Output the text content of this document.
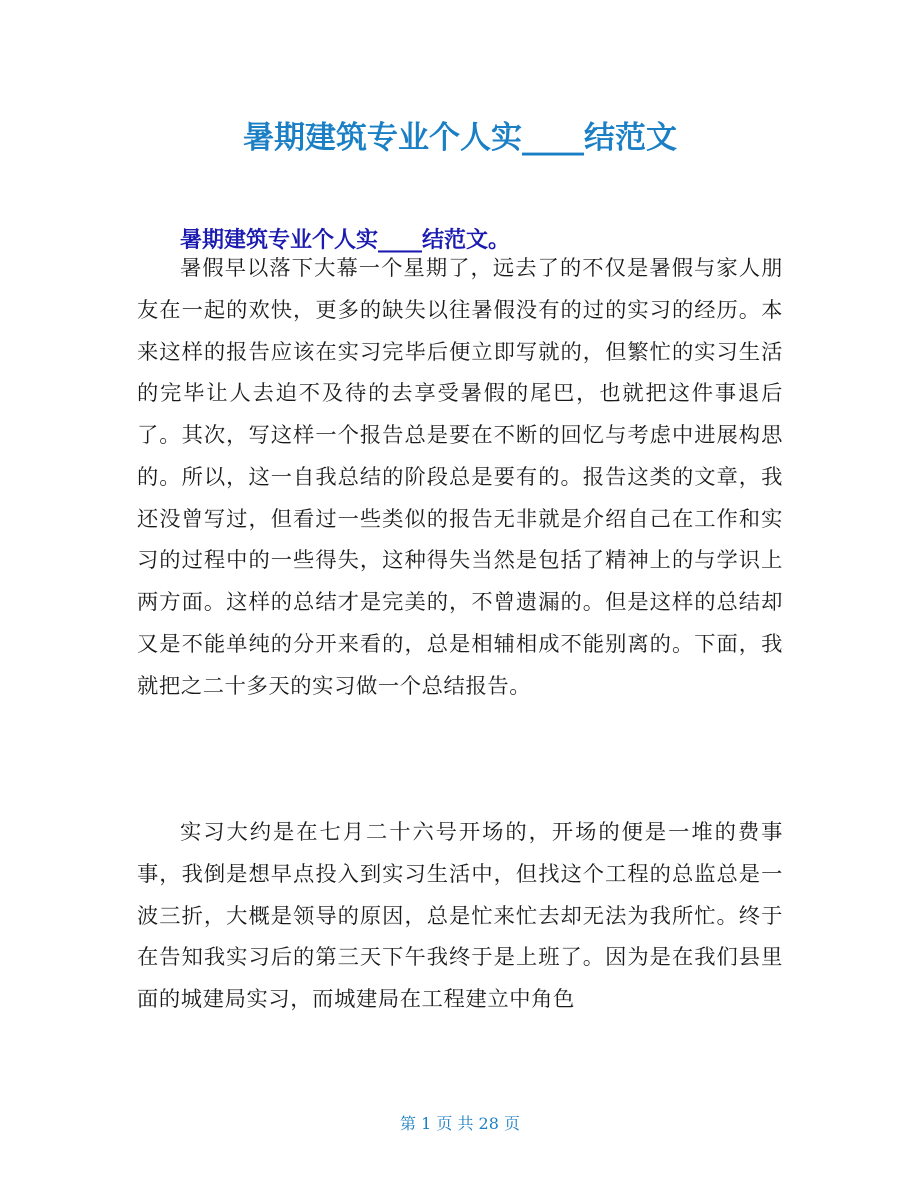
暑期建筑专业个人实____结范文
暑期建筑专业个人实____结范文。

暑假早以落下大幕一个星期了，远去了的不仅是暑假与家人朋友在一起的欢快，更多的缺失以往暑假没有的过的实习的经历。本来这样的报告应该在实习完毕后便立即写就的，但繁忙的实习生活的完毕让人去迫不及待的去享受暑假的尾巴，也就把这件事退后了。其次，写这样一个报告总是要在不断的回忆与考虑中进展构思的。所以，这一自我总结的阶段总是要有的。报告这类的文章，我还没曾写过，但看过一些类似的报告无非就是介绍自己在工作和实习的过程中的一些得失，这种得失当然是包括了精神上的与学识上两方面。这样的总结才是完美的，不曾遗漏的。但是这样的总结却又是不能单纯的分开来看的，总是相辅相成不能别离的。下面，我就把之二十多天的实习做一个总结报告。

实习大约是在七月二十六号开场的，开场的便是一堆的费事事，我倒是想早点投入到实习生活中，但找这个工程的总监总是一波三折，大概是领导的原因，总是忙来忙去却无法为我所忙。终于在告知我实习后的第三天下午我终于是上班了。因为是在我们县里面的城建局实习，而城建局在工程建立中角色

第 1 页 共 28 页
